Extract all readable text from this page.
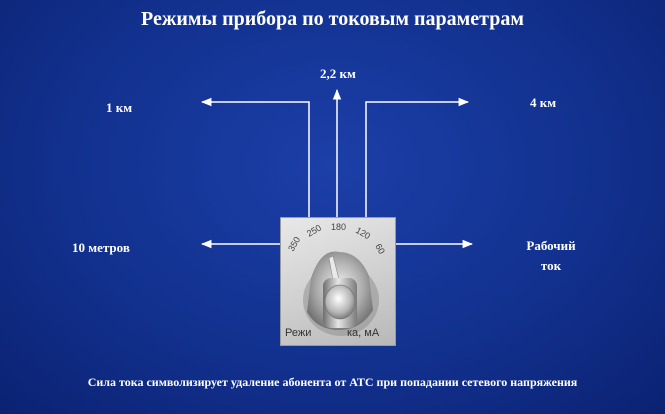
Режимы прибора по токовым параметрам
2,2 км
1 км	4 км
10 метров	Рабочий
ток
350
250 180 120
60
Режи	ка, мА
Сила тока символизирует удаление абонента от АТС при попадании сетевого напряжения
